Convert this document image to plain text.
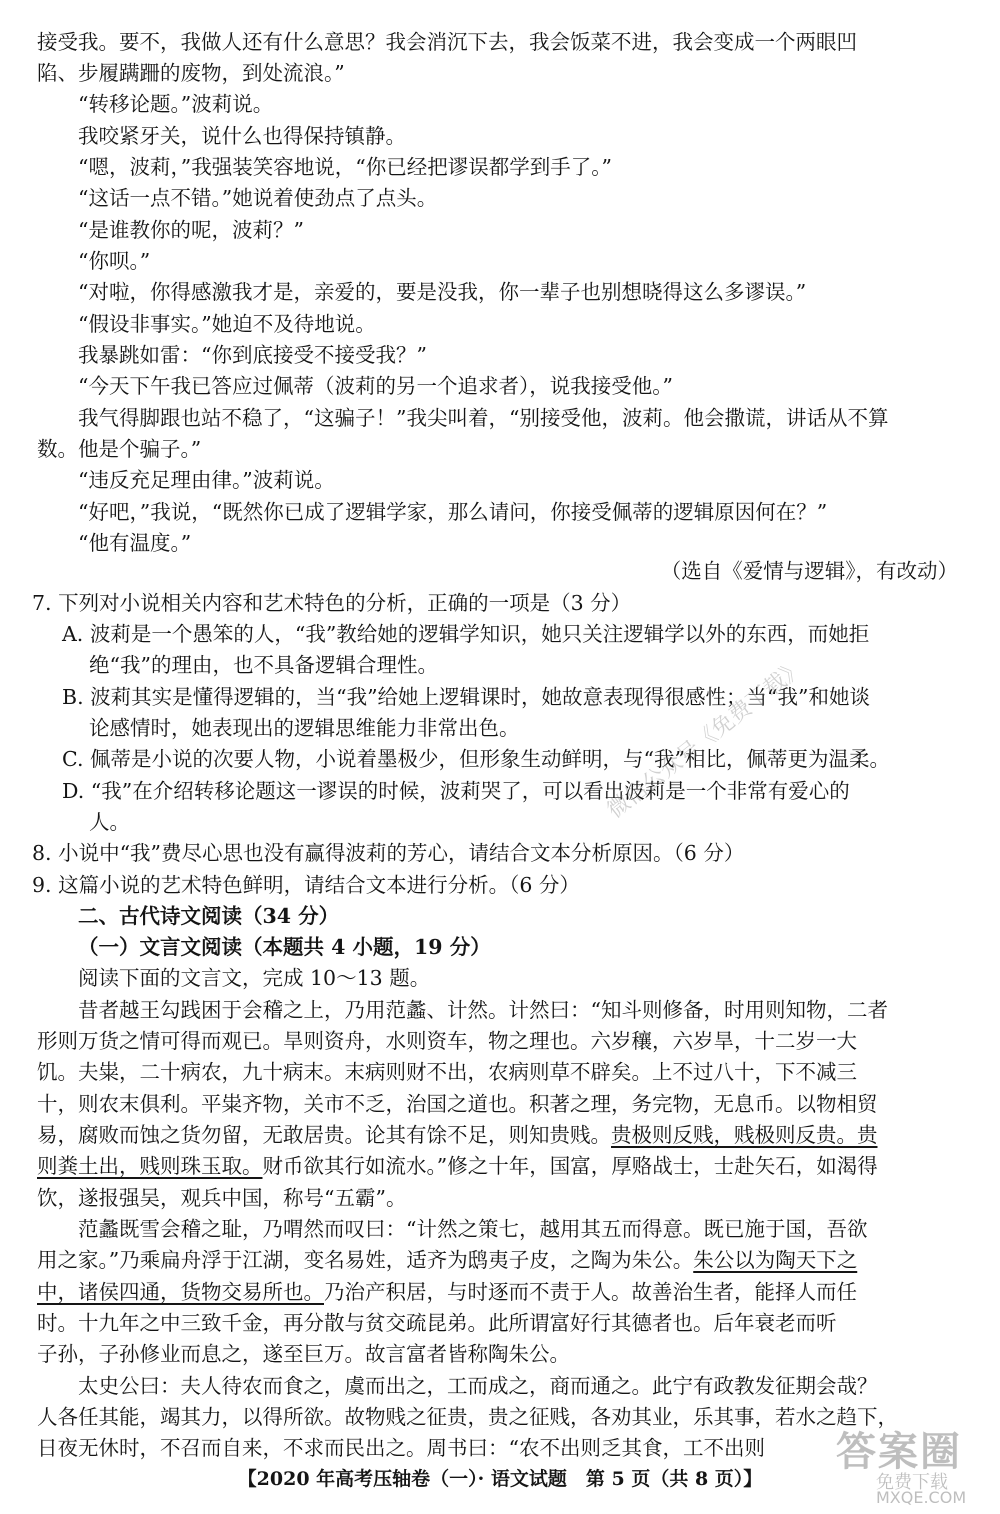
接受我。要不，我做人还有什么意思？我会消沉下去，我会饭菜不进，我会变成一个两眼凹

陷、步履蹒跚的废物，到处流浪。”

“转移论题。”波莉说。

我咬紧牙关，说什么也得保持镇静。

“嗯，波莉，”我强装笑容地说，“你已经把谬误都学到手了。”

“这话一点不错。”她说着使劲点了点头。

“是谁教你的呢，波莉？”

“你呗。”

“对啦，你得感激我才是，亲爱的，要是没我，你一辈子也别想晓得这么多谬误。”

“假设非事实。”她迫不及待地说。

我暴跳如雷：“你到底接受不接受我？”

“今天下午我已答应过佩蒂（波莉的另一个追求者），说我接受他。”

我气得脚跟也站不稳了，“这骗子！”我尖叫着，“别接受他，波莉。他会撒谎，讲话从不算

数。他是个骗子。”

“违反充足理由律。”波莉说。

“好吧，”我说，“既然你已成了逻辑学家，那么请问，你接受佩蒂的逻辑原因何在？”

“他有温度。”

（选自《爱情与逻辑》，有改动）

7. 下列对小说相关内容和艺术特色的分析，正确的一项是（3 分）

A. 波莉是一个愚笨的人，“我”教给她的逻辑学知识，她只关注逻辑学以外的东西，而她拒

绝“我”的理由，也不具备逻辑合理性。

B. 波莉其实是懂得逻辑的，当“我”给她上逻辑课时，她故意表现得很感性；当“我”和她谈

论感情时，她表现出的逻辑思维能力非常出色。

C. 佩蒂是小说的次要人物，小说着墨极少，但形象生动鲜明，与“我”相比，佩蒂更为温柔。

D. “我”在介绍转移论题这一谬误的时候，波莉哭了，可以看出波莉是一个非常有爱心的

人。

8. 小说中“我”费尽心思也没有赢得波莉的芳心，请结合文本分析原因。（6 分）

9. 这篇小说的艺术特色鲜明，请结合文本进行分析。（6 分）

二、古代诗文阅读（34 分）

（一）文言文阅读（本题共 4 小题，19 分）

阅读下面的文言文，完成 10～13 题。

昔者越王勾践困于会稽之上，乃用范蠡、计然。计然曰：“知斗则修备，时用则知物，二者

形则万货之情可得而观已。旱则资舟，水则资车，物之理也。六岁穰，六岁旱，十二岁一大

饥。夫粜，二十病农，九十病末。末病则财不出，农病则草不辟矣。上不过八十，下不减三

十，则农末俱利。平粜齐物，关市不乏，治国之道也。积著之理，务完物，无息币。以物相贸

易，腐败而蚀之货勿留，无敢居贵。论其有馀不足，则知贵贱。贵极则反贱，贱极则反贵。贵

则粪土出，贱则珠玉取。财币欲其行如流水。”修之十年，国富，厚赂战士，士赴矢石，如渴得

饮，遂报强吴，观兵中国，称号“五霸”。

范蠡既雪会稽之耻，乃喟然而叹曰：“计然之策七，越用其五而得意。既已施于国，吾欲

用之家。”乃乘扁舟浮于江湖，变名易姓，适齐为鸱夷子皮，之陶为朱公。朱公以为陶天下之

中，诸侯四通，货物交易所也。乃治产积居，与时逐而不责于人。故善治生者，能择人而任

时。十九年之中三致千金，再分散与贫交疏昆弟。此所谓富好行其德者也。后年衰老而听

子孙，子孙修业而息之，遂至巨万。故言富者皆称陶朱公。

太史公曰：夫人待农而食之，虞而出之，工而成之，商而通之。此宁有政教发征期会哉？

人各任其能，竭其力，以得所欲。故物贱之征贵，贵之征贱，各劝其业，乐其事，若水之趋下，

日夜无休时，不召而自来，不求而民出之。周书曰：“农不出则乏其食，工不出则

【2020 年高考压轴卷（一）· 语文试题　第 5 页（共 8 页）】
微信公众号《免费下载》
答案圈
免费下载
MXQE.COM
